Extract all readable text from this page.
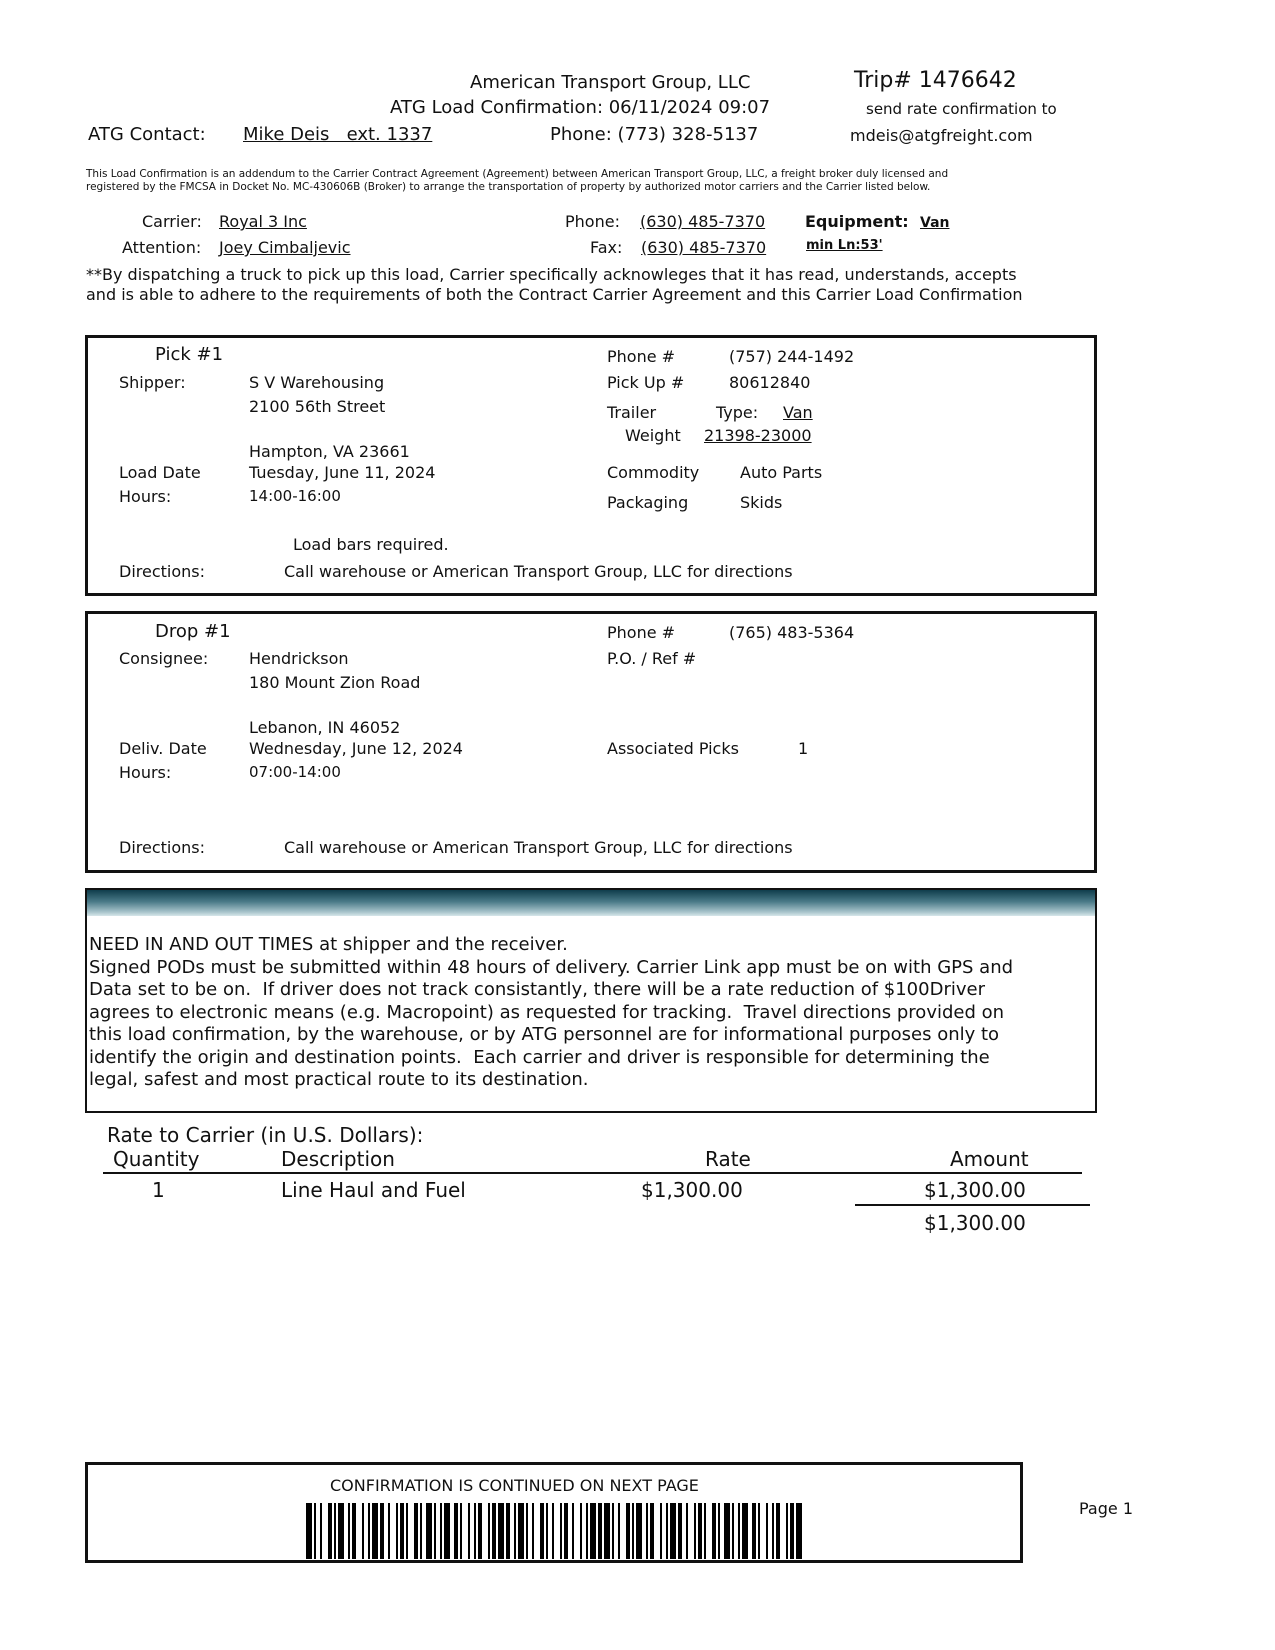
American Transport Group, LLC	Trip# 1476642
ATG Load Confirmation: 06/11/2024 09:07	send rate confirmation to
ATG Contact: Mike Deis   ext. 1337	Phone: (773) 328-5137	mdeis@atgfreight.com
This Load Confirmation is an addendum to the Carrier Contract Agreement (Agreement) between American Transport Group, LLC, a freight broker duly licensed and
registered by the FMCSA in Docket No. MC-430606B (Broker) to arrange the transportation of property by authorized motor carriers and the Carrier listed below.
Carrier: Royal 3 Inc
Attention: Joey Cimbaljevic
Phone: (630) 485-7370
Fax: (630) 485-7370
Equipment: Van
min Ln:53'
**By dispatching a truck to pick up this load, Carrier specifically acknowleges that it has read, understands, accepts
and is able to adhere to the requirements of both the Contract Carrier Agreement and this Carrier Load Confirmation
Pick #1
Shipper:	S V Warehousing
2100 56th Street
Hampton, VA 23661
Load Date	Tuesday, June 11, 2024
Hours:	14:00-16:00
Load bars required.
Directions:	Call warehouse or American Transport Group, LLC for directions
Phone #	(757) 244-1492
Pick Up #	80612840
Trailer	Type: Van
Weight 21398-23000
Commodity	Auto Parts
Packaging	Skids
Drop #1
Consignee:	Hendrickson
180 Mount Zion Road
Lebanon, IN 46052
Deliv. Date	Wednesday, June 12, 2024
Hours:	07:00-14:00
Directions:	Call warehouse or American Transport Group, LLC for directions
Phone #	(765) 483-5364
P.O. / Ref #
Associated Picks	1
NEED IN AND OUT TIMES at shipper and the receiver.
Signed PODs must be submitted within 48 hours of delivery. Carrier Link app must be on with GPS and
Data set to be on.  If driver does not track consistantly, there will be a rate reduction of $100Driver
agrees to electronic means (e.g. Macropoint) as requested for tracking.  Travel directions provided on
this load confirmation, by the warehouse, or by ATG personnel are for informational purposes only to
identify the origin and destination points.  Each carrier and driver is responsible for determining the
legal, safest and most practical route to its destination.
Rate to Carrier (in U.S. Dollars):
Quantity	Description	Rate	Amount
1	Line Haul and Fuel	$1,300.00	$1,300.00
$1,300.00
CONFIRMATION IS CONTINUED ON NEXT PAGE
Page 1
